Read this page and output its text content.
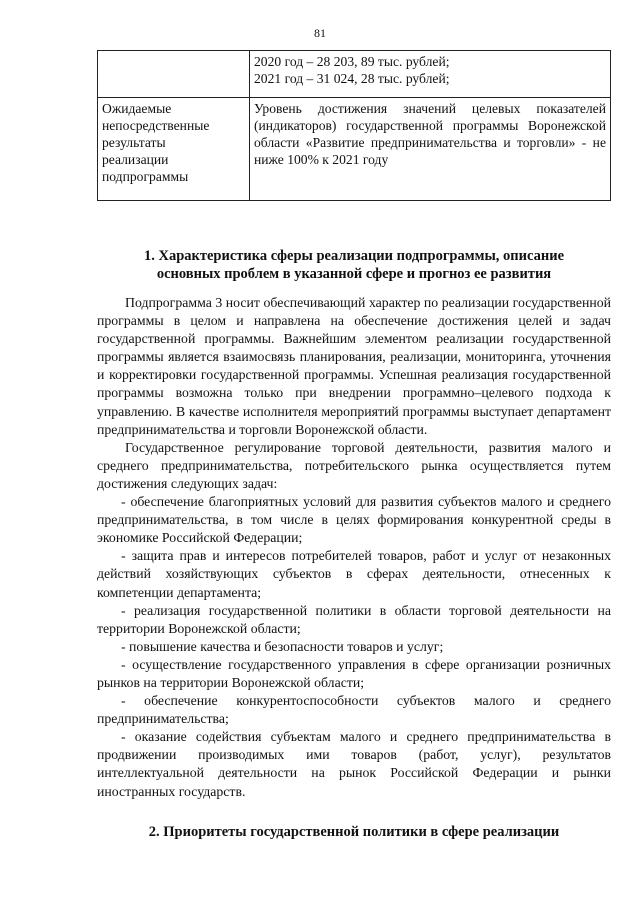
81

	2020 год – 28 203, 89 тыс. рублей;
2021 год – 31 024, 28 тыс. рублей;

Ожидаемые
непосредственные
результаты
реализации
подпрограммы	Уровень достижения значений целевых показателей (индикаторов) государственной программы Воронежской области «Развитие предпринимательства и торговли» - не ниже 100% к 2021 году
1. Характеристика сферы реализации подпрограммы, описание
основных проблем в указанной сфере и прогноз ее развития

Подпрограмма 3 носит обеспечивающий характер по реализации государственной программы в целом и направлена на обеспечение достижения целей и задач государственной программы. Важнейшим элементом реализации государственной программы является взаимосвязь планирования, реализации, мониторинга, уточнения и корректировки государственной программы. Успешная реализация государственной программы возможна только при внедрении программно–целевого подхода к управлению. В качестве исполнителя мероприятий программы выступает департамент предпринимательства и торговли Воронежской области.

Государственное регулирование торговой деятельности, развития малого и среднего предпринимательства, потребительского рынка осуществляется путем достижения следующих задач:

- обеспечение благоприятных условий для развития субъектов малого и среднего предпринимательства, в том числе в целях формирования конкурентной среды в экономике Российской Федерации;

- защита прав и интересов потребителей товаров, работ и услуг от незаконных действий хозяйствующих субъектов в сферах деятельности, отнесенных к компетенции департамента;

- реализация государственной политики в области торговой деятельности на территории Воронежской области;

- повышение качества и безопасности товаров и услуг;

- осуществление государственного управления в сфере организации розничных рынков на территории Воронежской области;

- обеспечение конкурентоспособности субъектов малого и среднего предпринимательства;

- оказание содействия субъектам малого и среднего предпринимательства в продвижении производимых ими товаров (работ, услуг), результатов интеллектуальной деятельности на рынок Российской Федерации и рынки иностранных государств.

2. Приоритеты государственной политики в сфере реализации
